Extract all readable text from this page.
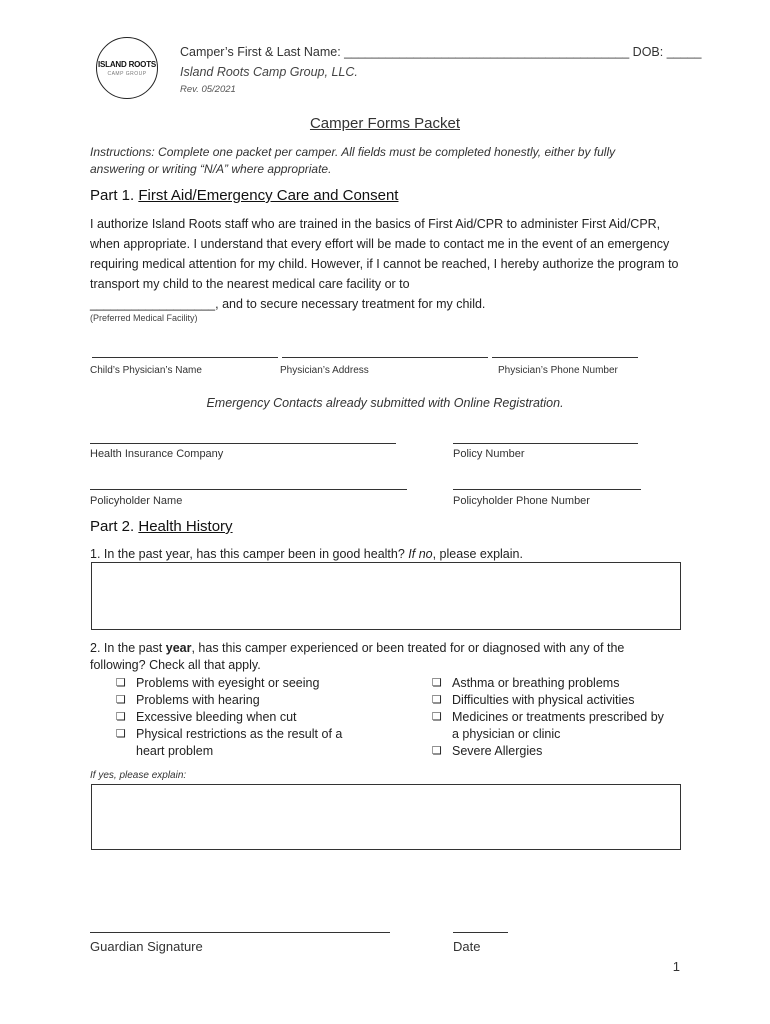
ISLAND ROOTS
CAMP GROUP
Camper’s First & Last Name: _________________________________________ DOB: _____
Island Roots Camp Group, LLC.
Rev. 05/2021
Camper Forms Packet
Instructions: Complete one packet per camper. All fields must be completed honestly, either by fully answering or writing “N/A” where appropriate.
Part 1. First Aid/Emergency Care and Consent
I authorize Island Roots staff who are trained in the basics of First Aid/CPR to administer First Aid/CPR, when appropriate. I understand that every effort will be made to contact me in the event of an emergency requiring medical attention for my child. However, if I cannot be reached, I hereby authorize the program to transport my child to the nearest medical care facility or to
__________________, and to secure necessary treatment for my child.
(Preferred Medical Facility)
Child’s Physician’s Name	Physician’s Address	Physician’s Phone Number
Emergency Contacts already submitted with Online Registration.
Health Insurance Company	Policy Number
Policyholder Name	Policyholder Phone Number
Part 2. Health History
1. In the past year, has this camper been in good health? If no, please explain.
2. In the past year, has this camper experienced or been treated for or diagnosed with any of the
following? Check all that apply.
❏ Problems with eyesight or seeing
❏ Problems with hearing
❏ Excessive bleeding when cut
❏ Physical restrictions as the result of a heart problem
❏ Asthma or breathing problems
❏ Difficulties with physical activities
❏ Medicines or treatments prescribed by a physician or clinic
❏ Severe Allergies
If yes, please explain:
Guardian Signature	Date
1
